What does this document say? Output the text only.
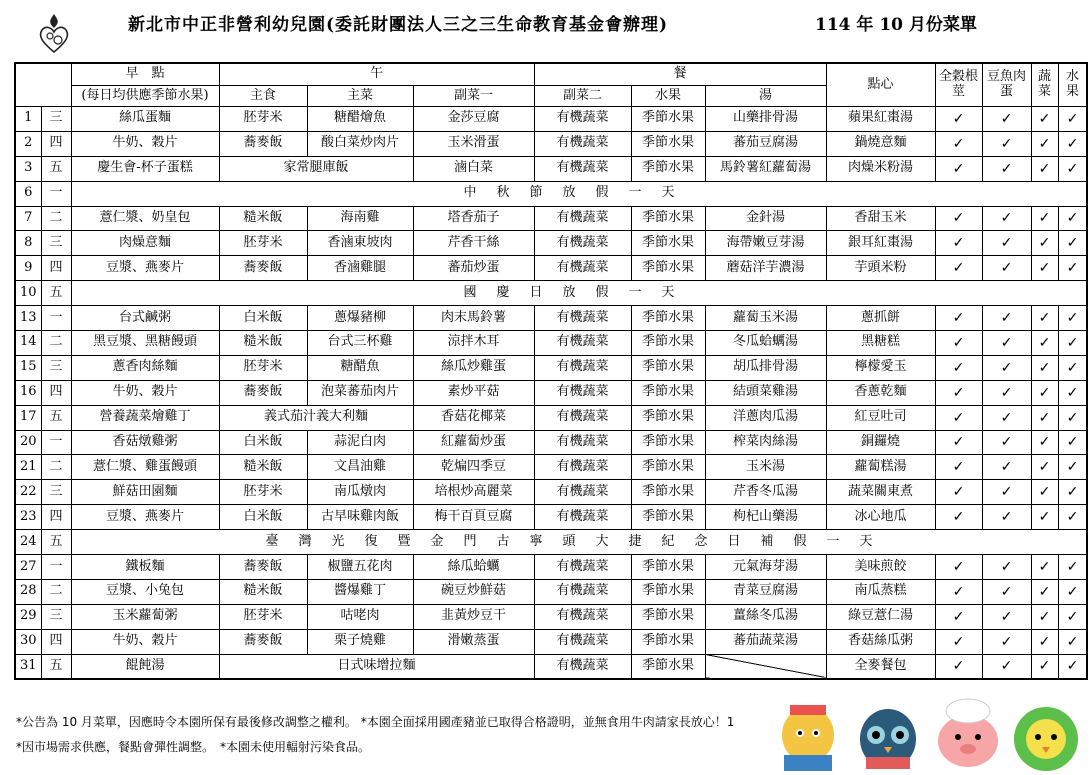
新北市中正非營利幼兒園(委託財團法人三之三生命教育基金會辦理)	114 年 10 月份菜單
		早　點	午			餐			點心	全穀根莖	豆魚肉蛋	蔬菜	水果	
		(每日均供應季節水果)	主食	主菜	副菜一	副菜二	水果	湯						
1	三	絲瓜蛋麵	胚芽米	糖醋燴魚	金莎豆腐	有機蔬菜	季節水果	山藥排骨湯	蘋果紅棗湯	✓	✓	✓	✓	
2	四	牛奶、穀片	蕎麥飯	酸白菜炒肉片	玉米滑蛋	有機蔬菜	季節水果	蕃茄豆腐湯	鍋燒意麵	✓	✓	✓	✓	
3	五	慶生會-杯子蛋糕	家常腿庫飯		滷白菜	有機蔬菜	季節水果	馬鈴薯紅蘿蔔湯	肉燥米粉湯	✓	✓	✓	✓	
6	一	中秋節放假一天				
7	二	薏仁漿、奶皇包	糙米飯	海南雞	塔香茄子	有機蔬菜	季節水果	金針湯	香甜玉米	✓	✓	✓	✓	
8	三	肉燥意麵	胚芽米	香滷東坡肉	芹香干絲	有機蔬菜	季節水果	海帶嫩豆芽湯	銀耳紅棗湯	✓	✓	✓	✓	
9	四	豆漿、燕麥片	蕎麥飯	香滷雞腿	蕃茄炒蛋	有機蔬菜	季節水果	蘑菇洋芋濃湯	芋頭米粉	✓	✓	✓	✓	
10	五	國慶日放假一天				
13	一	台式鹹粥	白米飯	蔥爆豬柳	肉末馬鈴薯	有機蔬菜	季節水果	蘿蔔玉米湯	蔥抓餅	✓	✓	✓	✓	
14	二	黑豆漿、黑糖饅頭	糙米飯	台式三杯雞	涼拌木耳	有機蔬菜	季節水果	冬瓜蛤蠣湯	黑糖糕	✓	✓	✓	✓	
15	三	蔥香肉絲麵	胚芽米	糖醋魚	絲瓜炒雞蛋	有機蔬菜	季節水果	胡瓜排骨湯	檸檬愛玉	✓	✓	✓	✓	
16	四	牛奶、穀片	蕎麥飯	泡菜蕃茄肉片	素炒平菇	有機蔬菜	季節水果	結頭菜雞湯	香蔥乾麵	✓	✓	✓	✓	
17	五	營養蔬菜燴雞丁	義式茄汁義大利麵		香菇花椰菜	有機蔬菜	季節水果	洋蔥肉瓜湯	紅豆吐司	✓	✓	✓	✓	
20	一	香菇燉雞粥	白米飯	蒜泥白肉	紅蘿蔔炒蛋	有機蔬菜	季節水果	榨菜肉絲湯	銅鑼燒	✓	✓	✓	✓	
21	二	薏仁漿、雞蛋饅頭	糙米飯	文昌油雞	乾煸四季豆	有機蔬菜	季節水果	玉米湯	蘿蔔糕湯	✓	✓	✓	✓	
22	三	鮮菇田園麵	胚芽米	南瓜燉肉	培根炒高麗菜	有機蔬菜	季節水果	芹香冬瓜湯	蔬菜關東煮	✓	✓	✓	✓	
23	四	豆漿、燕麥片	白米飯	古早味雞肉飯	梅干百頁豆腐	有機蔬菜	季節水果	枸杞山藥湯	冰心地瓜	✓	✓	✓	✓	
24	五	臺灣光復暨金門古寧頭大捷紀念日補假一天				
27	一	鐵板麵	蕎麥飯	椒鹽五花肉	絲瓜蛤蠣	有機蔬菜	季節水果	元氣海芽湯	美味煎餃	✓	✓	✓	✓	
28	二	豆漿、小兔包	糙米飯	醬爆雞丁	碗豆炒鮮菇	有機蔬菜	季節水果	青菜豆腐湯	南瓜蒸糕	✓	✓	✓	✓	
29	三	玉米蘿蔔粥	胚芽米	咕咾肉	韭黃炒豆干	有機蔬菜	季節水果	薑絲冬瓜湯	綠豆薏仁湯	✓	✓	✓	✓	
30	四	牛奶、穀片	蕎麥飯	栗子燒雞	滑嫩蒸蛋	有機蔬菜	季節水果	蕃茄蔬菜湯	香菇絲瓜粥	✓	✓	✓	✓	
31	五	餛飩湯	日式味增拉麵			有機蔬菜	季節水果		全麥餐包	✓	✓	✓	✓	
*公告為 10 月菜單，因應時令本園所保有最後修改調整之權利。 *本園全面採用國產豬並已取得合格證明，並無食用牛肉請家長放心！1
*因市場需求供應，餐點會彈性調整。　*本園未使用輻射污染食品。
